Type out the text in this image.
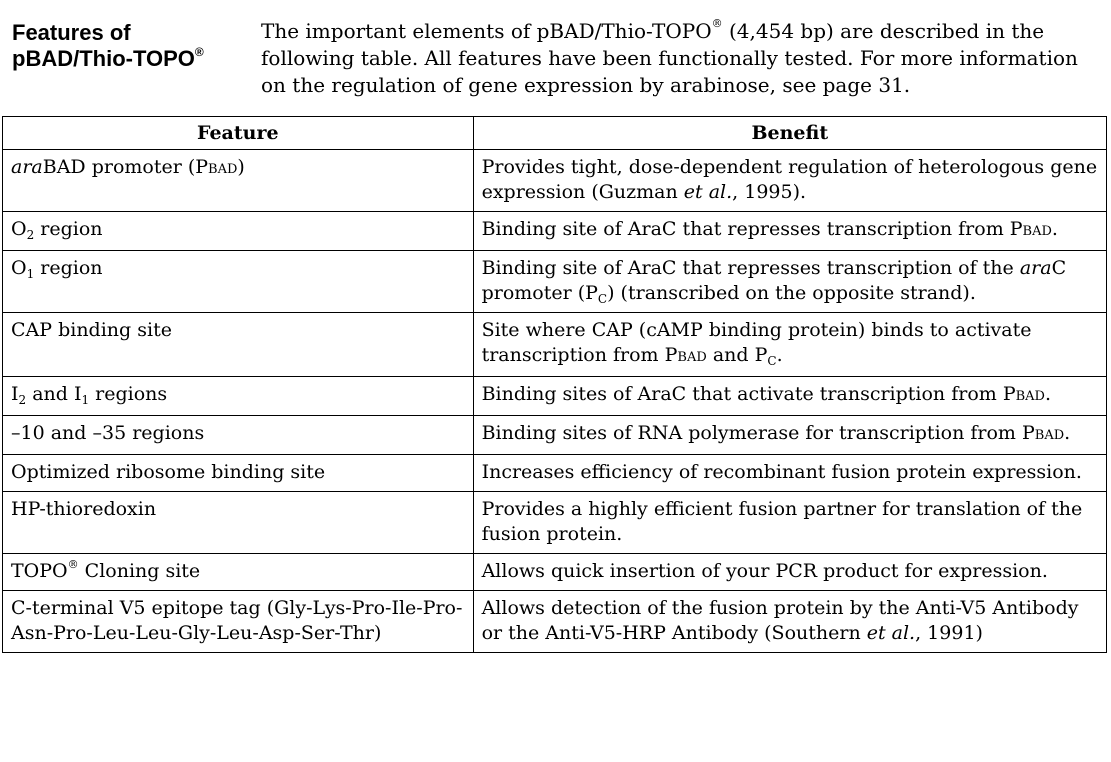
Features of
pBAD/Thio-TOPO®
The important elements of pBAD/Thio-TOPO® (4,454 bp) are described in the following table. All features have been functionally tested. For more information on the regulation of gene expression by arabinose, see page 31.
Feature	Benefit
araBAD promoter (PBAD)	Provides tight, dose-dependent regulation of heterologous gene expression (Guzman et al., 1995).
$O_2$ region	Binding site of AraC that represses transcription from PBAD.
$O_1$ region	Binding site of AraC that represses transcription of the araC promoter $(P_C)$ (transcribed on the opposite strand).
CAP binding site	Site where CAP (cAMP binding protein) binds to activate transcription from PBAD and $P_C$.
$I_2$ and $I_1$ regions	Binding sites of AraC that activate transcription from PBAD.
–10 and –35 regions	Binding sites of RNA polymerase for transcription from PBAD.
Optimized ribosome binding site	Increases efficiency of recombinant fusion protein expression.
HP-thioredoxin	Provides a highly efficient fusion partner for translation of the fusion protein.
TOPO® Cloning site	Allows quick insertion of your PCR product for expression.
C-terminal V5 epitope tag (Gly-Lys-Pro-Ile-Pro-Asn-Pro-Leu-Leu-Gly-Leu-Asp-Ser-Thr)	Allows detection of the fusion protein by the Anti-V5 Antibody or the Anti-V5-HRP Antibody (Southern et al., 1991)
